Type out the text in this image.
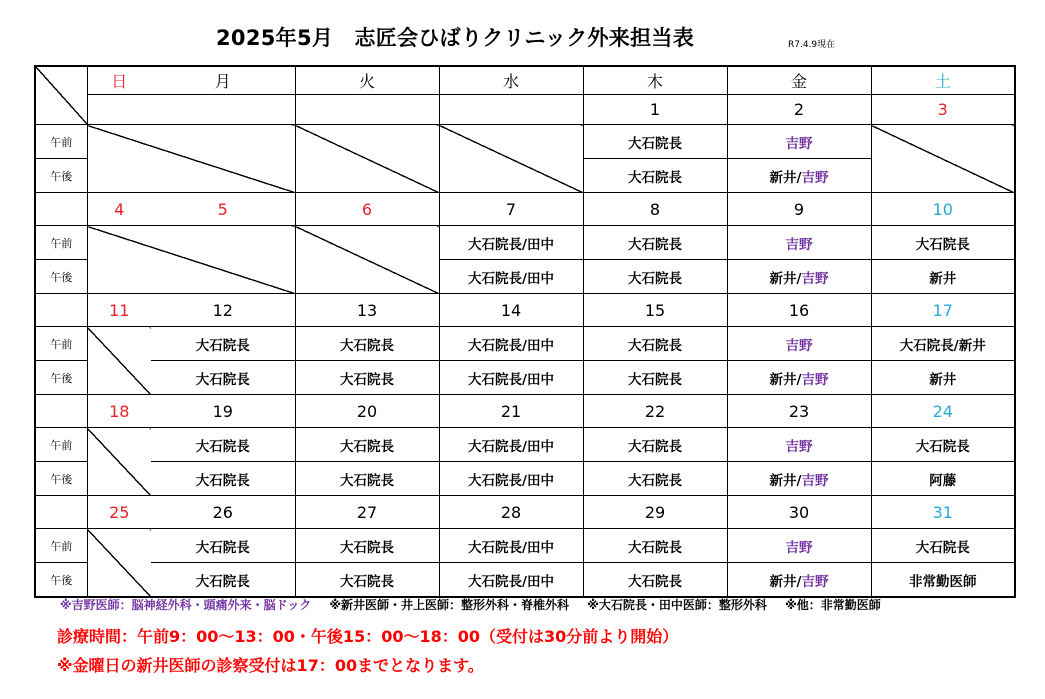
2025年5月　志匠会ひばりクリニック外来担当表	R7.4.9現在
	日	月	火	水	木	金	土
					1	2	3
午前					大石院長	吉野	
午後					大石院長	新井/吉野	
	4	5	6	7	8	9	10
午前				大石院長/田中	大石院長	吉野	大石院長
午後				大石院長/田中	大石院長	新井/吉野	新井
	11	12	13	14	15	16	17
午前		大石院長	大石院長	大石院長/田中	大石院長	吉野	大石院長/新井
午後		大石院長	大石院長	大石院長/田中	大石院長	新井/吉野	新井
	18	19	20	21	22	23	24
午前		大石院長	大石院長	大石院長/田中	大石院長	吉野	大石院長
午後		大石院長	大石院長	大石院長/田中	大石院長	新井/吉野	阿藤
	25	26	27	28	29	30	31
午前		大石院長	大石院長	大石院長/田中	大石院長	吉野	大石院長
午後		大石院長	大石院長	大石院長/田中	大石院長	新井/吉野	非常勤医師
※吉野医師：脳神経外科・頭痛外来・脳ドック ※新井医師・井上医師：整形外科・脊椎外科 ※大石院長・田中医師：整形外科 ※他：非常勤医師
診療時間：午前9：00～13：00・午後15：00～18：00（受付は30分前より開始）
※金曜日の新井医師の診察受付は17：00までとなります。
